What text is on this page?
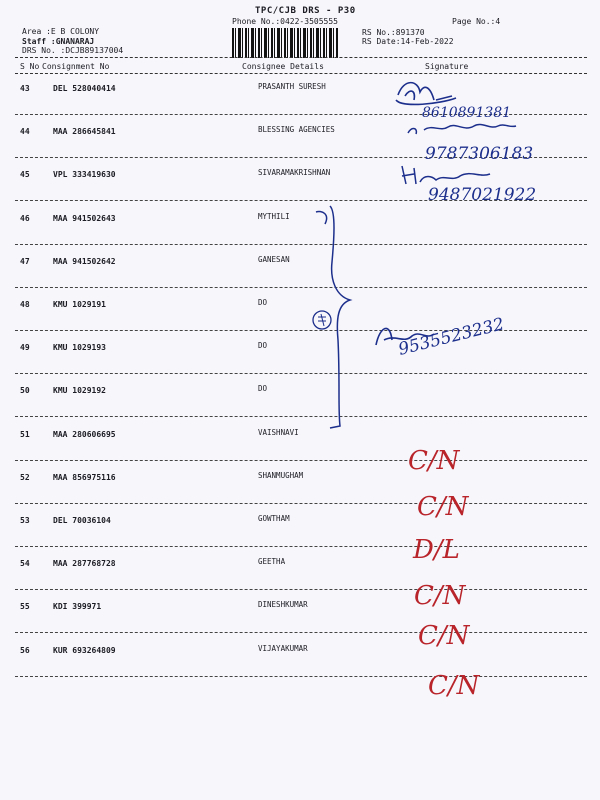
TPC/CJB DRS - P30
Phone No.:0422-3505555	Page No.:4
Area :E B COLONY
Staff :GNANARAJ
DRS No. :DCJB89137004
RS No.:891370
RS Date:14-Feb-2022
S No Consignment No	Consignee Details	Signature
43	DEL 528040414	PRASANTH SURESH
44	MAA 286645841	BLESSING AGENCIES
45	VPL 333419630	SIVARAMAKRISHNAN
46	MAA 941502643	MYTHILI
47	MAA 941502642	GANESAN
48	KMU 1029191	DO
49	KMU 1029193	DO
50	KMU 1029192	DO
51	MAA 280606695	VAISHNAVI
52	MAA 856975116	SHANMUGHAM
53	DEL 70036104	GOWTHAM
54	MAA 287768728	GEETHA
55	KDI 399971	DINESHKUMAR
56	KUR 693264809	VIJAYAKUMAR
8610891381
9787306183
9487021922
9535523232
C/N
C/N
D/L
C/N
C/N
C/N
